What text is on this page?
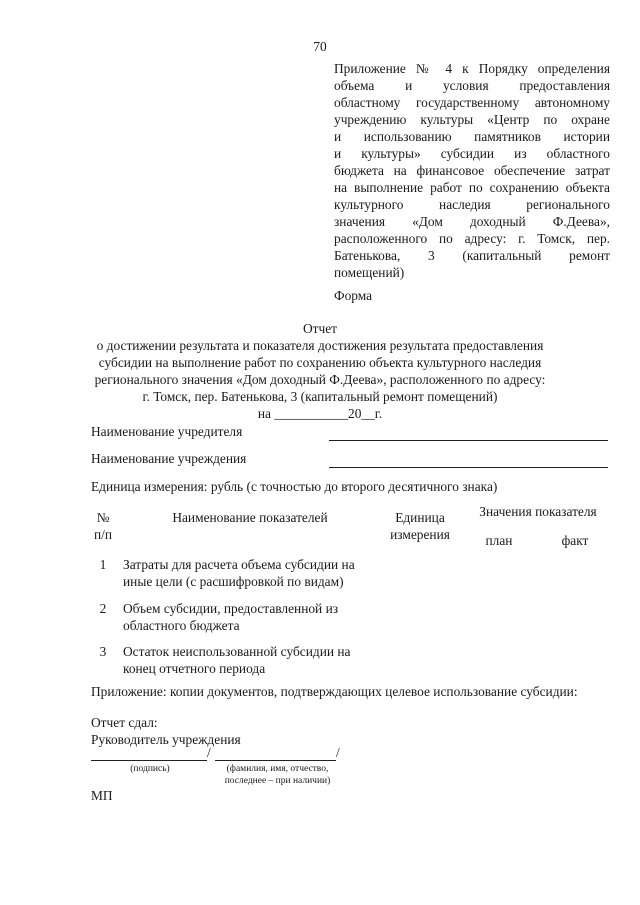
70
Приложение № 4 к Порядку определения
объема и условия предоставления
областному государственному автономному
учреждению культуры «Центр по охране
и использованию памятников истории
и культуры» субсидии из областного
бюджета на финансовое обеспечение затрат
на выполнение работ по сохранению объекта
культурного наследия регионального
значения «Дом доходный Ф.Деева»,
расположенного по адресу: г. Томск, пер.
Батенькова, 3 (капитальный ремонт
помещений)
Форма
Отчет
о достижении результата и показателя достижения результата предоставления
субсидии на выполнение работ по сохранению объекта культурного наследия
регионального значения «Дом доходный Ф.Деева», расположенного по адресу:
г. Томск, пер. Батенькова, 3 (капитальный ремонт помещений)
на ___________20__г.
Наименование учредителя
Наименование учреждения
Единица измерения: рубль (с точностью до второго десятичного знака)
№
п/п
Наименование показателей	Единица
измерения
Значения показателя
план	факт
1	Затраты для расчета объема субсидии на
иные цели (с расшифровкой по видам)
2	Объем субсидии, предоставленной из
областного бюджета
3	Остаток неиспользованной субсидии на
конец отчетного периода
Приложение: копии документов, подтверждающих целевое использование субсидии:
Отчет сдал:
Руководитель учреждения
/	/
(подпись)	(фамилия, имя, отчество,
последнее – при наличии)
МП
